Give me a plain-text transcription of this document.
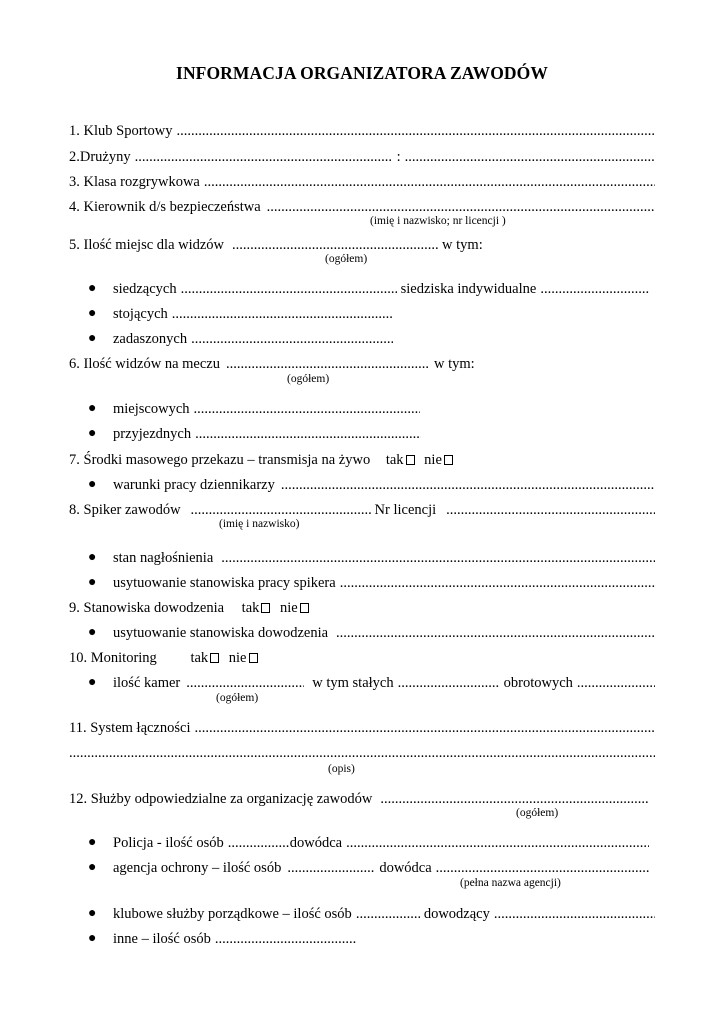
INFORMACJA ORGANIZATORA ZAWODÓW
1. Klub Sportowy
.....
2.Drużyny .....	:
.....
3. Klasa rozgrywkowa
.....
4. Kierownik d/s bezpieczeństwa
.....
(imię i nazwisko; nr licencji )
5. Ilość miejsc dla widzów .....	w tym:
(ogółem)
● siedzących .....	siedziska indywidualne.....
● stojących.....
● zadaszonych.....
6. Ilość widzów na meczu .....	w tym:
(ogółem)
● miejscowych.....
● przyjezdnych.....
7. Środki masowego przekazu – transmisja na żywo tak nie
● warunki pracy dziennikarzy
.....
8. Spiker zawodów .....	Nr licencji
.....
(imię i nazwisko)
● stan nagłośnienia
.....
● usytuowanie stanowiska pracy spikera
.....
9. Stanowiska dowodzenia tak nie
● usytuowanie stanowiska dowodzenia
.....
10. Monitoring tak nie
● ilość kamer .....	w tym stałych .....	obrotowych
.....
(ogółem)
11. System łączności
.....
.....
(opis)
12. Służby odpowiedzialne za organizację zawodów
.....
(ogółem)
● Policja - ilość osób .....	dowódca
.....
● agencja ochrony – ilość osób .....	dowódca
.....
(pełna nazwa agencji)
● klubowe służby porządkowe – ilość osób .....	dowodzący
.....
● inne – ilość osób.....
